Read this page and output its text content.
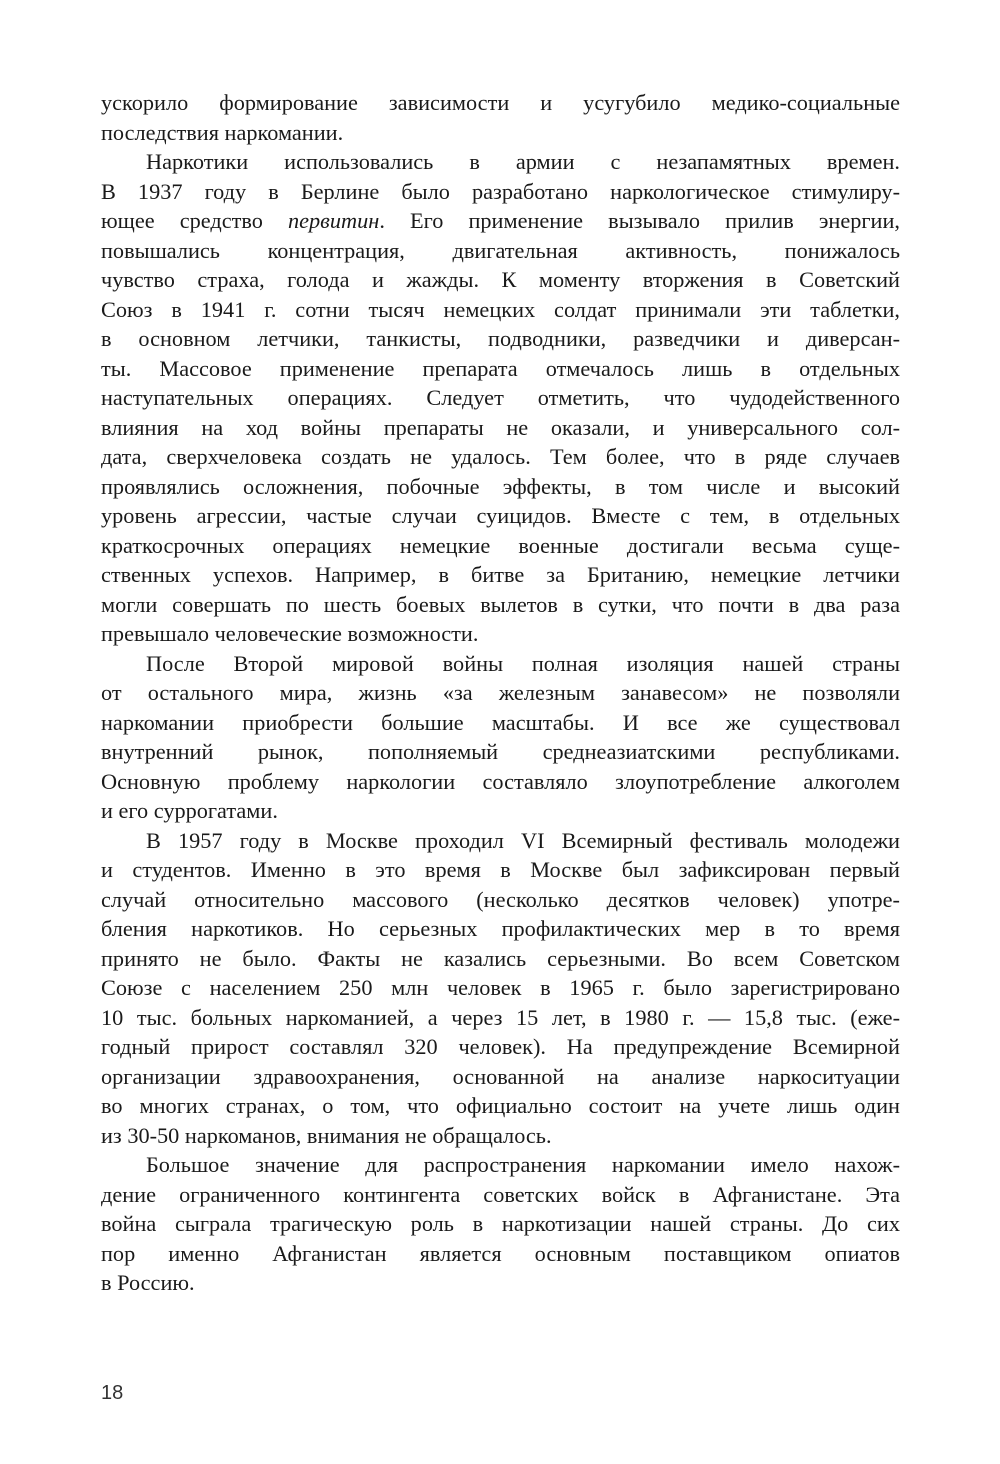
ускорило формирование зависимости и усугубило медико-социальные
последствия наркомании.
Наркотики использовались в армии с незапамятных времен.
В 1937 году в Берлине было разработано наркологическое стимулиру-
ющее средство первитин. Его применение вызывало прилив энергии,
повышались концентрация, двигательная активность, понижалось
чувство страха, голода и жажды. К моменту вторжения в Советский
Союз в 1941 г. сотни тысяч немецких солдат принимали эти таблетки,
в основном летчики, танкисты, подводники, разведчики и диверсан-
ты. Массовое применение препарата отмечалось лишь в отдельных
наступательных операциях. Следует отметить, что чудодейственного
влияния на ход войны препараты не оказали, и универсального сол-
дата, сверхчеловека создать не удалось. Тем более, что в ряде случаев
проявлялись осложнения, побочные эффекты, в том числе и высокий
уровень агрессии, частые случаи суицидов. Вместе с тем, в отдельных
краткосрочных операциях немецкие военные достигали весьма суще-
ственных успехов. Например, в битве за Британию, немецкие летчики
могли совершать по шесть боевых вылетов в сутки, что почти в два раза
превышало человеческие возможности.
После Второй мировой войны полная изоляция нашей страны
от остального мира, жизнь «за железным занавесом» не позволяли
наркомании приобрести большие масштабы. И все же существовал
внутренний рынок, пополняемый среднеазиатскими республиками.
Основную проблему наркологии составляло злоупотребление алкоголем
и его суррогатами.
В 1957 году в Москве проходил VI Всемирный фестиваль молодежи
и студентов. Именно в это время в Москве был зафиксирован первый
случай относительно массового (несколько десятков человек) употре-
бления наркотиков. Но серьезных профилактических мер в то время
принято не было. Факты не казались серьезными. Во всем Советском
Союзе с населением 250 млн человек в 1965 г. было зарегистрировано
10 тыс. больных наркоманией, а через 15 лет, в 1980 г. — 15,8 тыс. (еже-
годный прирост составлял 320 человек). На предупреждение Всемирной
организации здравоохранения, основанной на анализе наркоситуации
во многих странах, о том, что официально состоит на учете лишь один
из 30-50 наркоманов, внимания не обращалось.
Большое значение для распространения наркомании имело нахож-
дение ограниченного контингента советских войск в Афганистане. Эта
война сыграла трагическую роль в наркотизации нашей страны. До сих
пор именно Афганистан является основным поставщиком опиатов
в Россию.
18
